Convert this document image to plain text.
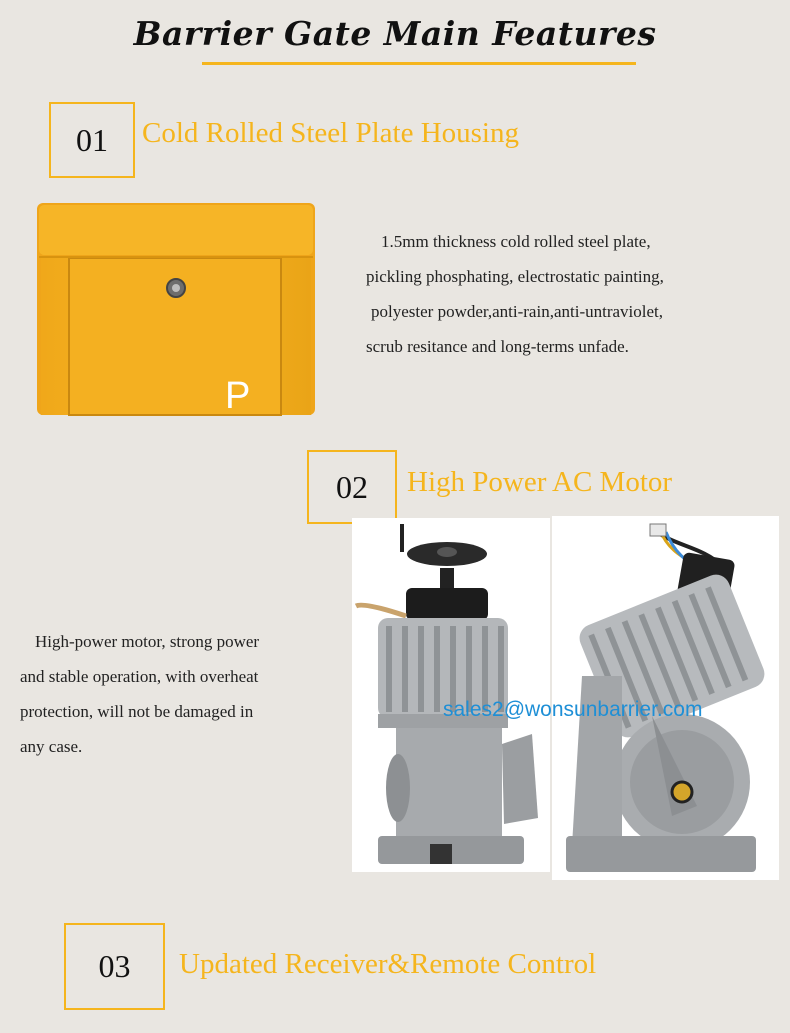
Barrier Gate Main Features
01	Cold Rolled Steel Plate Housing
P
1.5mm thickness cold rolled steel plate,
pickling phosphating, electrostatic painting,
polyester powder,anti-rain,anti-untraviolet,
scrub resitance and long-terms unfade.
02	High Power AC Motor
High-power motor, strong power
and stable operation, with overheat
protection, will not be damaged in
any case.
sales2@wonsunbarrier.com
03	Updated Receiver&Remote Control
